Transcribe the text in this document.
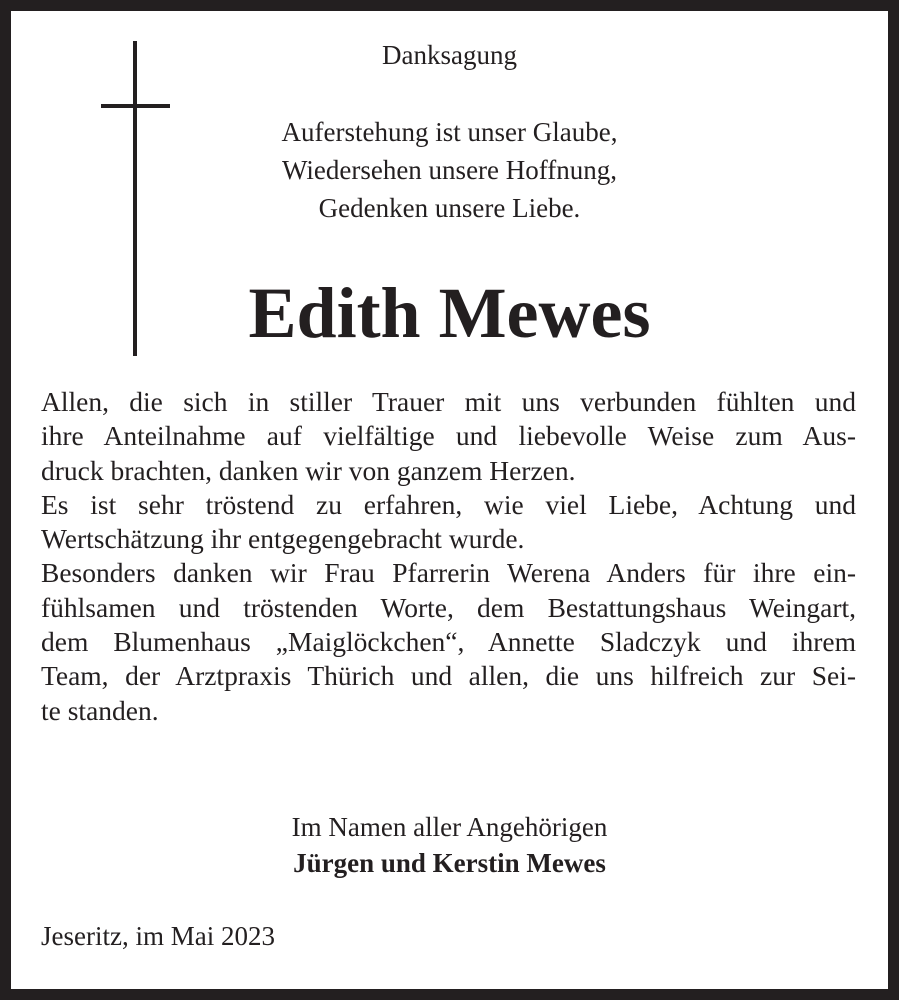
Danksagung
Auferstehung ist unser Glaube,
Wiedersehen unsere Hoffnung,
Gedenken unsere Liebe.
Edith Mewes
Allen, die sich in stiller Trauer mit uns verbunden fühlten und
ihre Anteilnahme auf vielfältige und liebevolle Weise zum Aus-
druck brachten, danken wir von ganzem Herzen.
Es ist sehr tröstend zu erfahren, wie viel Liebe, Achtung und
Wertschätzung ihr entgegengebracht wurde.
Besonders danken wir Frau Pfarrerin Werena Anders für ihre ein-
fühlsamen und tröstenden Worte, dem Bestattungshaus Weingart,
dem Blumenhaus „Maiglöckchen“, Annette Sladczyk und ihrem
Team, der Arztpraxis Thürich und allen, die uns hilfreich zur Sei-
te standen.
Im Namen aller Angehörigen
Jürgen und Kerstin Mewes
Jeseritz, im Mai 2023
